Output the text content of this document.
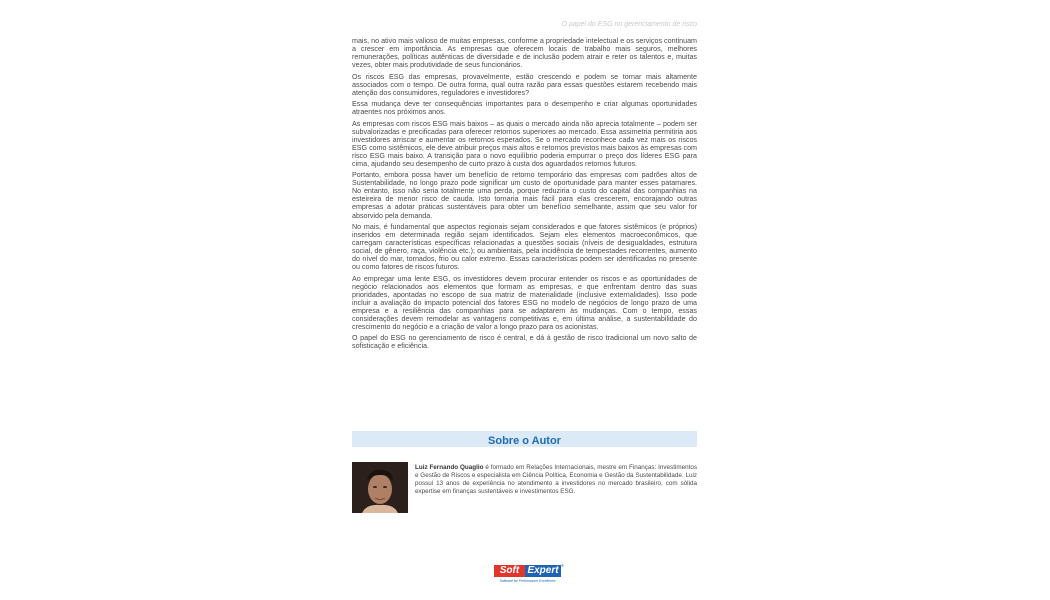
O papel do ESG no gerenciamento de risco

mais, no ativo mais valioso de muitas empresas, conforme a propriedade intelectual e os serviços continuam a crescer em importância. As empresas que oferecem locais de trabalho mais seguros, melhores remunerações, políticas autênticas de diversidade e de inclusão podem atrair e reter os talentos e, muitas vezes, obter mais produtividade de seus funcionários.

Os riscos ESG das empresas, provavelmente, estão crescendo e podem se tornar mais altamente associados com o tempo. De outra forma, qual outra razão para essas questões estarem recebendo mais atenção dos consumidores, reguladores e investidores?

Essa mudança deve ter consequências importantes para o desempenho e criar algumas oportunidades atraentes nos próximos anos.

As empresas com riscos ESG mais baixos – as quais o mercado ainda não aprecia totalmente – podem ser subvalorizadas e precificadas para oferecer retornos superiores ao mercado. Essa assimetria permitiria aos investidores arriscar e aumentar os retornos esperados. Se o mercado reconhece cada vez mais os riscos ESG como sistêmicos, ele deve atribuir preços mais altos e retornos previstos mais baixos às empresas com risco ESG mais baixo. A transição para o novo equilíbrio poderia empurrar o preço dos líderes ESG para cima, ajudando seu desempenho de curto prazo à custa dos aguardados retornos futuros.

Portanto, embora possa haver um benefício de retorno temporário das empresas com padrões altos de Sustentabilidade, no longo prazo pode significar um custo de oportunidade para manter esses patamares. No entanto, isso não seria totalmente uma perda, porque reduziria o custo do capital das companhias na esteireira de menor risco de cauda. Isto tornaria mais fácil para elas crescerem, encorajando outras empresas a adotar práticas sustentáveis para obter um benefício semelhante, assim que seu valor for absorvido pela demanda.

No mais, é fundamental que aspectos regionais sejam considerados e que fatores sistêmicos (e próprios) inseridos em determinada região sejam identificados. Sejam eles elementos macroeconômicos, que carregam características específicas relacionadas a questões sociais (níveis de desigualdades, estrutura social, de gênero, raça, violência etc.); ou ambientais, pela incidência de tempestades recorrentes, aumento do nível do mar, tornados, frio ou calor extremo. Essas características podem ser identificadas no presente ou como fatores de riscos futuros.

Ao empregar uma lente ESG, os investidores devem procurar entender os riscos e as oportunidades de negócio relacionados aos elementos que formam as empresas, e que enfrentam dentro das suas prioridades, apontadas no escopo de sua matriz de materialidade (inclusive externalidades). Isso pode incluir a avaliação do impacto potencial dos fatores ESG no modelo de negócios de longo prazo de uma empresa e a resiliência das companhias para se adaptarem às mudanças. Com o tempo, essas considerações devem remodelar as vantagens competitivas e, em última análise, a sustentabilidade do crescimento do negócio e a criação de valor a longo prazo para os acionistas.

O papel do ESG no gerenciamento de risco é central, e dá à gestão de risco tradicional um novo salto de sofisticação e eficiência.

Sobre o Autor
Luiz Fernando Quaglio é formado em Relações Internacionais, mestre em Finanças: Investimentos e Gestão de Riscos e especialista em Ciência Política, Economia e Gestão da Sustentabilidade. Luiz possui 13 anos de experiência no atendimento a investidores no mercado brasileiro, com sólida expertise em finanças sustentáveis e investimentos ESG.
Soft Expert ®
Software for Performance Excellence
